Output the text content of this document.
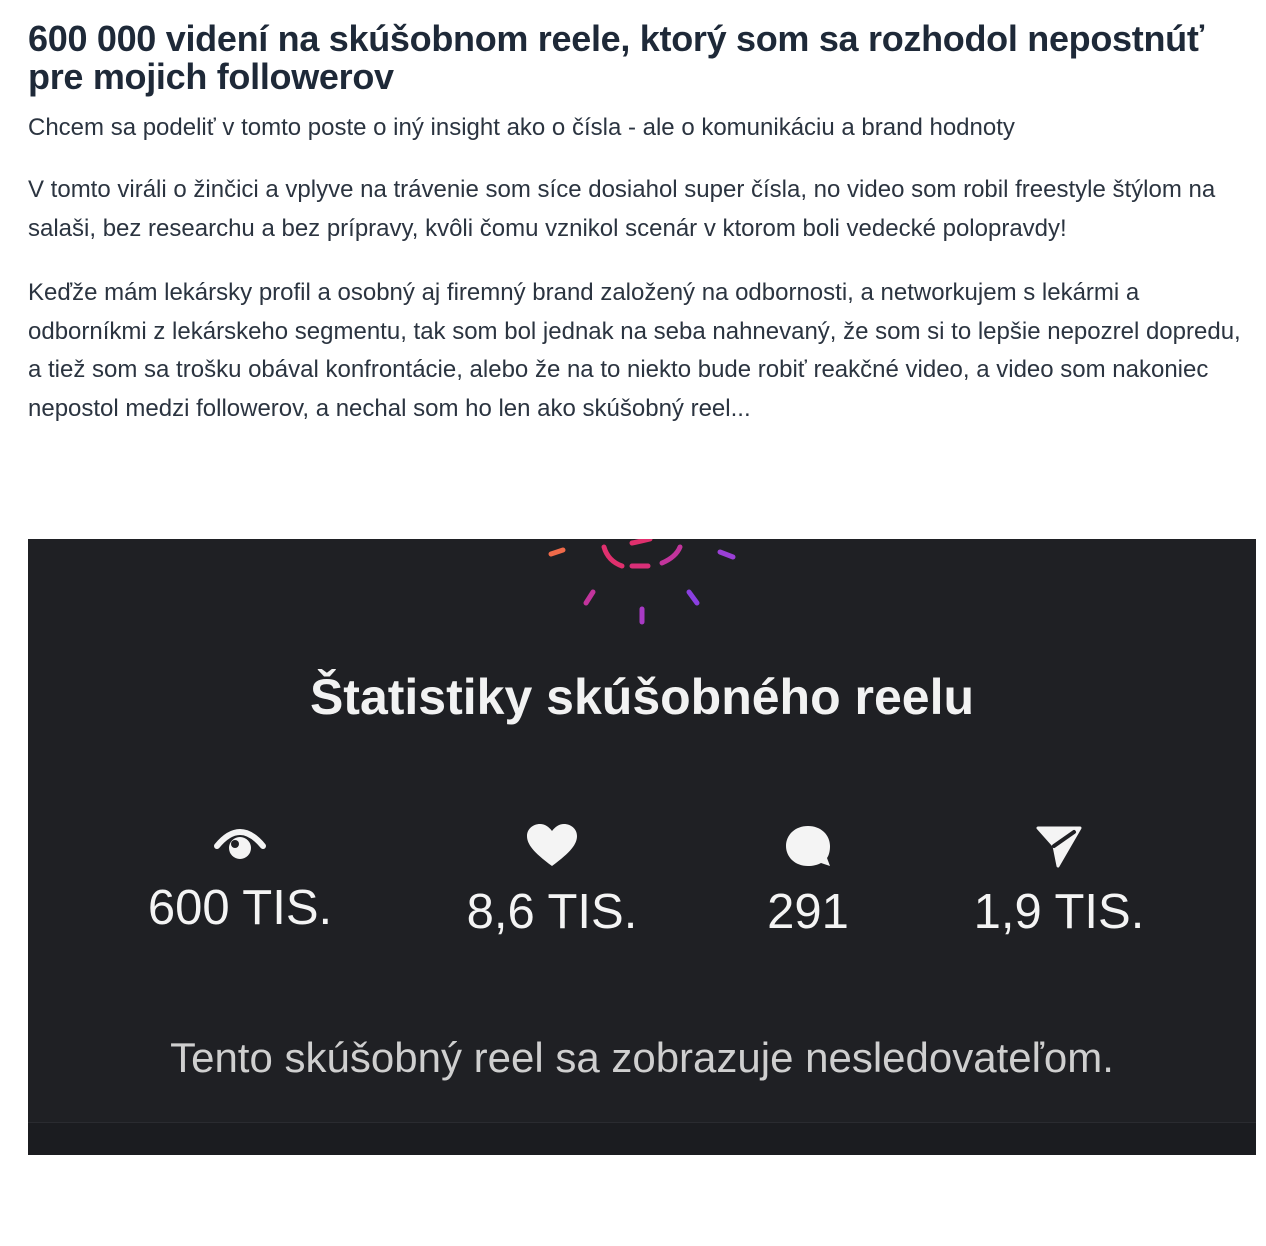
600 000 videní na skúšobnom reele, ktorý som sa rozhodol nepostnúť pre mojich followerov

Chcem sa podeliť v tomto poste o iný insight ako o čísla - ale o komunikáciu a brand hodnoty

V tomto viráli o žinčici a vplyve na trávenie som síce dosiahol super čísla, no video som robil freestyle štýlom na salaši, bez researchu a bez prípravy, kvôli čomu vznikol scenár v ktorom boli vedecké polopravdy!

Keďže mám lekársky profil a osobný aj firemný brand založený na odbornosti, a networkujem s lekármi a odborníkmi z lekárskeho segmentu, tak som bol jednak na seba nahnevaný, že som si to lepšie nepozrel dopredu, a tiež som sa trošku obával konfrontácie, alebo že na to niekto bude robiť reakčné video, a video som nakoniec nepostol medzi followerov, a nechal som ho len ako skúšobný reel...

Štatistiky skúšobného reelu
600 TIS.	8,6 TIS.	291	1,9 TIS.
Tento skúšobný reel sa zobrazuje nesledovateľom.
